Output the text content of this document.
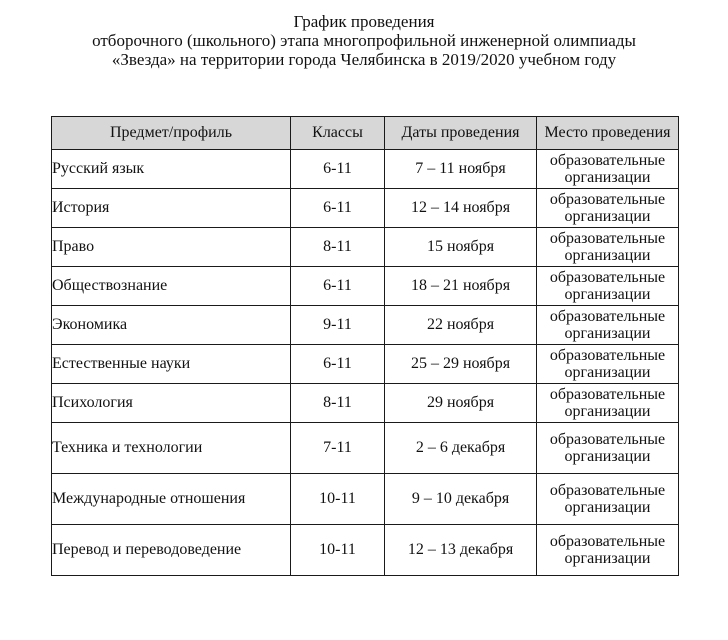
График проведения
отборочного (школьного) этапа многопрофильной инженерной олимпиады
«Звезда» на территории города Челябинска в 2019/2020 учебном году
Предмет/профиль	Классы	Даты проведения	Место проведения
Русский язык	6-11	7 – 11 ноября	образовательные
организации

История	6-11	12 – 14 ноября	образовательные
организации

Право	8-11	15 ноября	образовательные
организации

Обществознание	6-11	18 – 21 ноября	образовательные
организации

Экономика	9-11	22 ноября	образовательные
организации

Естественные науки	6-11	25 – 29 ноября	образовательные
организации

Психология	8-11	29 ноября	образовательные
организации

Техника и технологии	7-11	2 – 6 декабря	образовательные
организации

Международные отношения	10-11	9 – 10 декабря	образовательные
организации

Перевод и переводоведение	10-11	12 – 13 декабря	образовательные
организации
